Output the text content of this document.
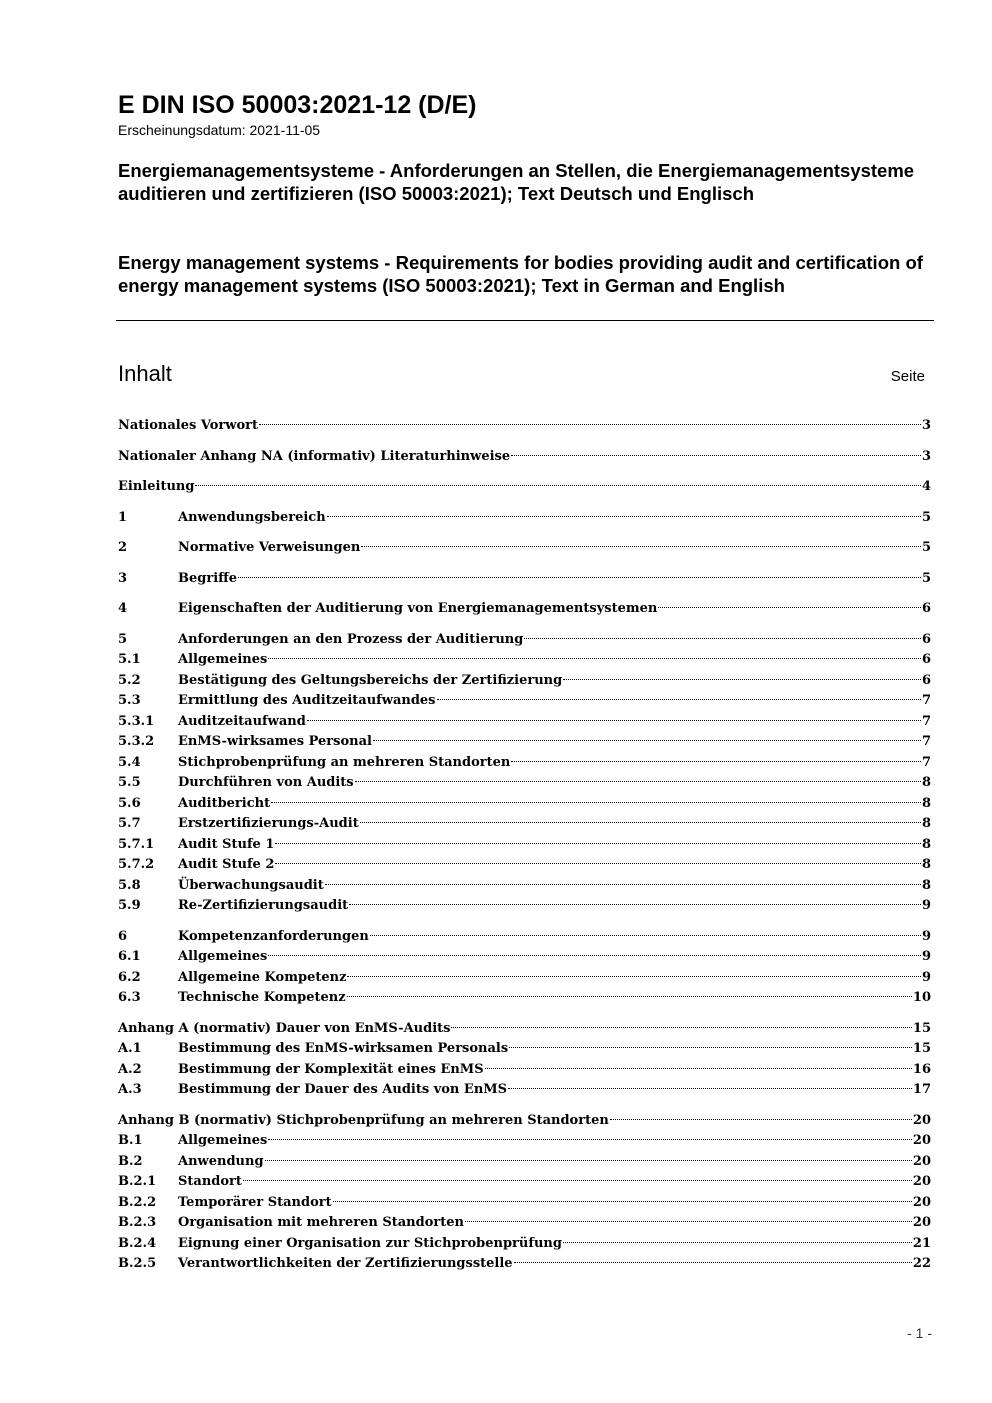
E DIN ISO 50003:2021-12 (D/E)
Erscheinungsdatum: 2021-11-05

Energiemanagementsysteme - Anforderungen an Stellen, die Energiemanagementsysteme auditieren und zertifizieren (ISO 50003:2021); Text Deutsch und Englisch

Energy management systems - Requirements for bodies providing audit and certification of energy management systems (ISO 50003:2021); Text in German and English

Inhalt	Seite
Nationales Vorwort	3
Nationaler Anhang NA (informativ) Literaturhinweise	3
Einleitung	4
1	Anwendungsbereich	5
2	Normative Verweisungen	5
3	Begriffe	5
4	Eigenschaften der Auditierung von Energiemanagementsystemen	6
5	Anforderungen an den Prozess der Auditierung	6
5.1	Allgemeines	6
5.2	Bestätigung des Geltungsbereichs der Zertifizierung	6
5.3	Ermittlung des Auditzeitaufwandes	7
5.3.1	Auditzeitaufwand	7
5.3.2	EnMS-wirksames Personal	7
5.4	Stichprobenprüfung an mehreren Standorten	7
5.5	Durchführen von Audits	8
5.6	Auditbericht	8
5.7	Erstzertifizierungs-Audit	8
5.7.1	Audit Stufe 1	8
5.7.2	Audit Stufe 2	8
5.8	Überwachungsaudit	8
5.9	Re-Zertifizierungsaudit	9
6	Kompetenzanforderungen	9
6.1	Allgemeines	9
6.2	Allgemeine Kompetenz	9
6.3	Technische Kompetenz	10
Anhang A (normativ) Dauer von EnMS-Audits	15
A.1	Bestimmung des EnMS-wirksamen Personals	15
A.2	Bestimmung der Komplexität eines EnMS	16
A.3	Bestimmung der Dauer des Audits von EnMS	17
Anhang B (normativ) Stichprobenprüfung an mehreren Standorten	20
B.1	Allgemeines	20
B.2	Anwendung	20
B.2.1	Standort	20
B.2.2	Temporärer Standort	20
B.2.3	Organisation mit mehreren Standorten	20
B.2.4	Eignung einer Organisation zur Stichprobenprüfung	21
B.2.5	Verantwortlichkeiten der Zertifizierungsstelle	22
- 1 -
